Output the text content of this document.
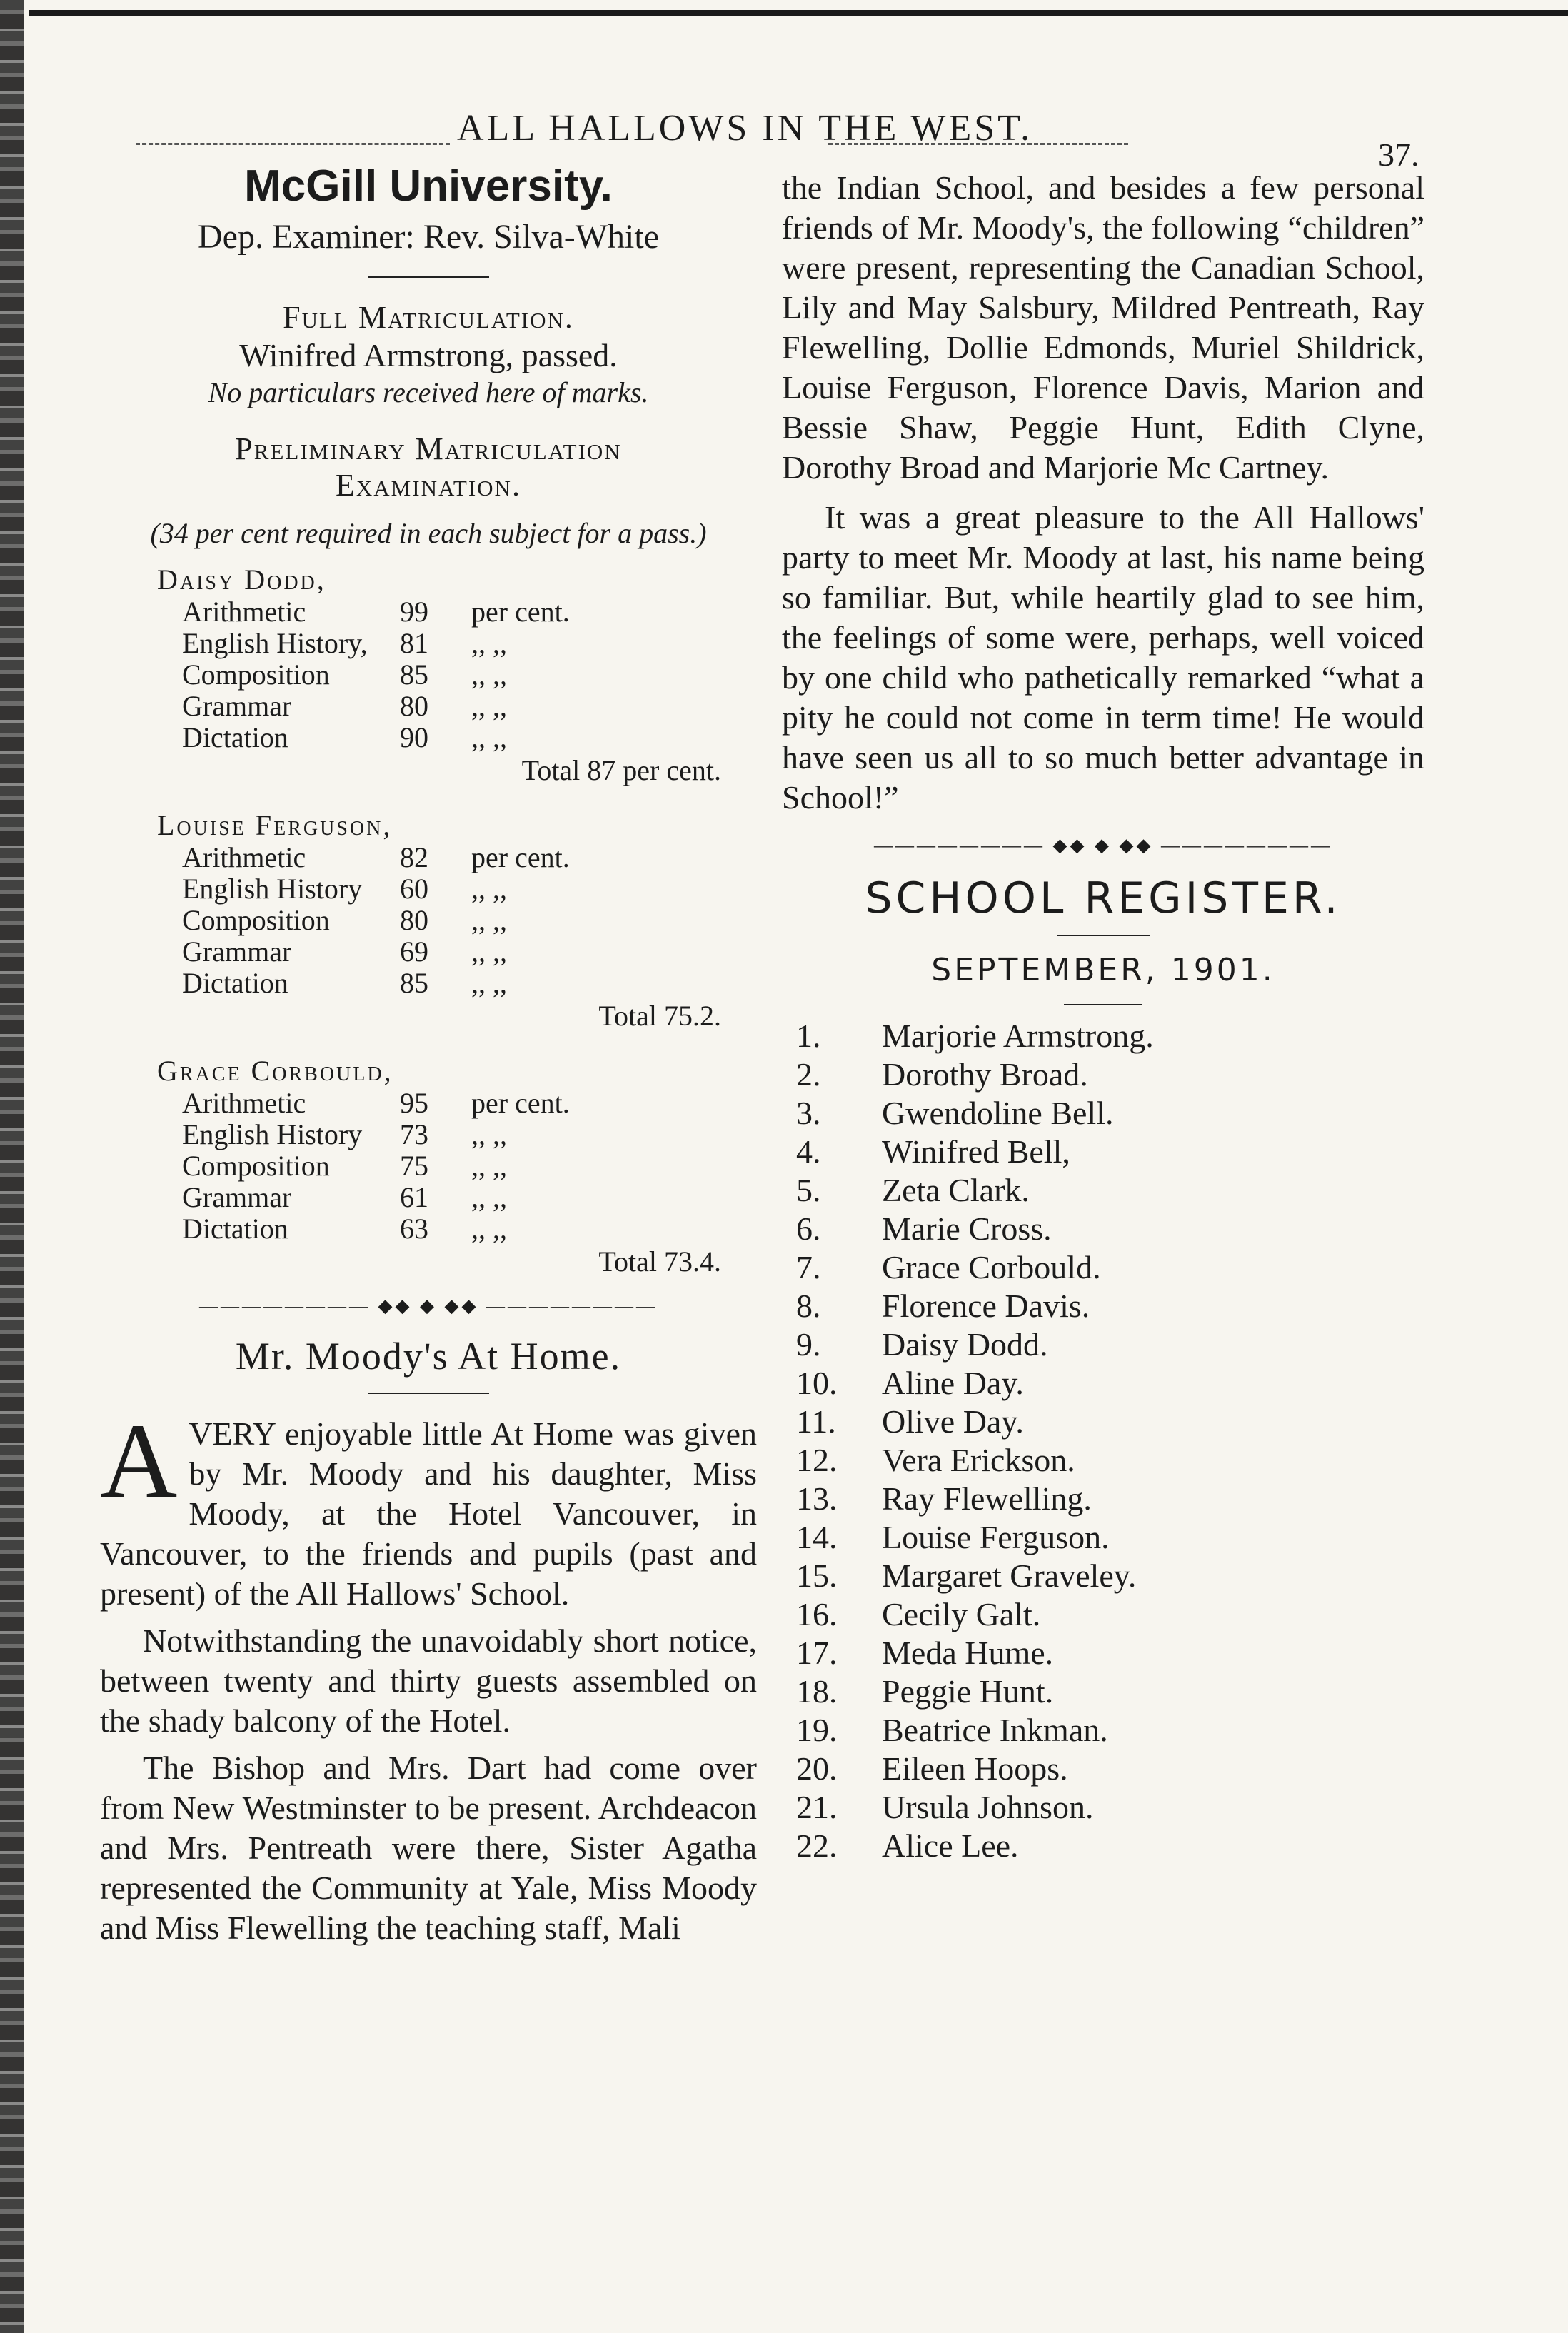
ALL HALLOWS IN THE WEST.
37.
McGill University.
Dep. Examiner: Rev. Silva-White
Full Matriculation.
Winifred Armstrong, passed.
No particulars received here of marks.
Preliminary Matriculation
Examination.
(34 per cent required in each subject for a pass.)
Daisy Dodd,
Arithmetic	99	per cent.
English History,	81	,, ,,
Composition	85	,, ,,
Grammar	80	,, ,,
Dictation	90	,, ,,
Total 87 per cent.
Louise Ferguson,
Arithmetic	82	per cent.
English History	60	,, ,,
Composition	80	,, ,,
Grammar	69	,, ,,
Dictation	85	,, ,,
Total 75.2.
Grace Corbould,
Arithmetic	95	per cent.
English History	73	,, ,,
Composition	75	,, ,,
Grammar	61	,, ,,
Dictation	63	,, ,,
Total 73.4.
———————— ◆◆ ◆ ◆◆ ————————
Mr. Moody's At Home.

A VERY enjoyable little At Home was given by Mr. Moody and his daughter, Miss Moody, at the Hotel Vancouver, in Vancouver, to the friends and pupils (past and present) of the All Hallows' School.

Notwithstanding the unavoidably short notice, between twenty and thirty guests assembled on the shady balcony of the Hotel.

The Bishop and Mrs. Dart had come over from New Westminster to be present. Archdeacon and Mrs. Pentreath were there, Sister Agatha represented the Community at Yale, Miss Moody and Miss Flewelling the teaching staff, Mali

the Indian School, and besides a few personal friends of Mr. Moody's, the following “children” were present, representing the Canadian School, Lily and May Salsbury, Mildred Pentreath, Ray Flewelling, Dollie Edmonds, Muriel Shildrick, Louise Ferguson, Florence Davis, Marion and Bessie Shaw, Peggie Hunt, Edith Clyne, Dorothy Broad and Marjorie Mc Cartney.

It was a great pleasure to the All Hallows' party to meet Mr. Moody at last, his name being so familiar. But, while heartily glad to see him, the feelings of some were, perhaps, well voiced by one child who pathetically remarked “what a pity he could not come in term time! He would have seen us all to so much better advantage in School!”

———————— ◆◆ ◆ ◆◆ ————————
SCHOOL REGISTER.
SEPTEMBER, 1901.
1.	Marjorie Armstrong.
2.	Dorothy Broad.
3.	Gwendoline Bell.
4.	Winifred Bell,
5.	Zeta Clark.
6.	Marie Cross.
7.	Grace Corbould.
8.	Florence Davis.
9.	Daisy Dodd.
10.	Aline Day.
11.	Olive Day.
12.	Vera Erickson.
13.	Ray Flewelling.
14.	Louise Ferguson.
15.	Margaret Graveley.
16.	Cecily Galt.
17.	Meda Hume.
18.	Peggie Hunt.
19.	Beatrice Inkman.
20.	Eileen Hoops.
21.	Ursula Johnson.
22.	Alice Lee.
